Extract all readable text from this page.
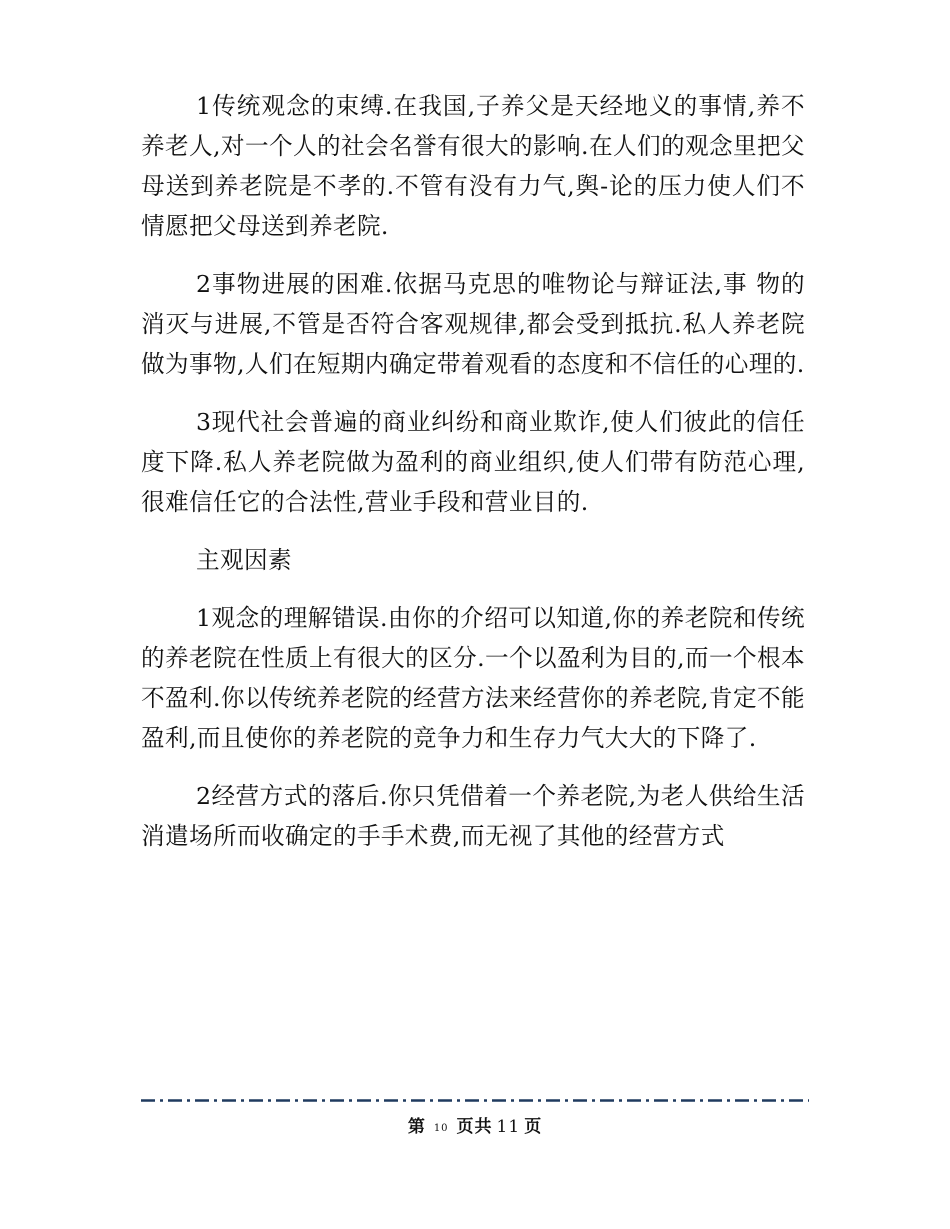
1传统观念的束缚.在我国,子养父是天经地义的事情,养不养老人,对一个人的社会名誉有很大的影响.在人们的观念里把父母送到养老院是不孝的.不管有没有力气,舆-论的压力使人们不情愿把父母送到养老院.

2事物进展的困难.依据马克思的唯物论与辩证法,事 物的消灭与进展,不管是否符合客观规律,都会受到抵抗.私人养老院做为事物,人们在短期内确定带着观看的态度和不信任的心理的.

3现代社会普遍的商业纠纷和商业欺诈,使人们彼此的信任度下降.私人养老院做为盈利的商业组织,使人们带有防范心理,很难信任它的合法性,营业手段和营业目的.

主观因素

1观念的理解错误.由你的介绍可以知道,你的养老院和传统的养老院在性质上有很大的区分.一个以盈利为目的,而一个根本不盈利.你以传统养老院的经营方法来经营你的养老院,肯定不能盈利,而且使你的养老院的竞争力和生存力气大大的下降了.

2经营方式的落后.你只凭借着一个养老院,为老人供给生活消遣场所而收确定的手手术费,而无视了其他的经营方式

第 10 页共 11 页
